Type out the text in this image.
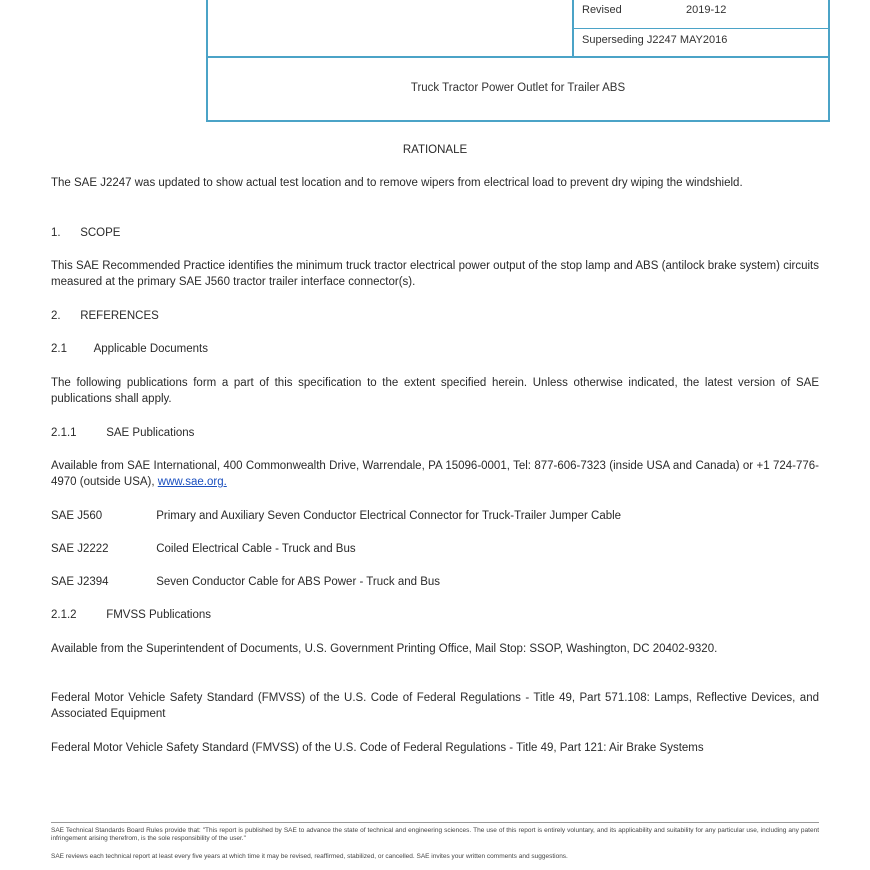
Revised	2019-12
Superseding J2247 MAY2016
Truck Tractor Power Outlet for Trailer ABS
RATIONALE
The SAE J2247 was updated to show actual test location and to remove wipers from electrical load to prevent dry wiping the windshield.
1. SCOPE
This SAE Recommended Practice identifies the minimum truck tractor electrical power output of the stop lamp and ABS (antilock brake system) circuits measured at the primary SAE J560 tractor trailer interface connector(s).
2. REFERENCES
2.1 Applicable Documents
The following publications form a part of this specification to the extent specified herein. Unless otherwise indicated, the latest version of SAE publications shall apply.
2.1.1	SAE Publications
Available from SAE International, 400 Commonwealth Drive, Warrendale, PA 15096-0001, Tel: 877-606-7323 (inside USA and Canada) or +1 724-776-4970 (outside USA), www.sae.org.
SAE J560	Primary and Auxiliary Seven Conductor Electrical Connector for Truck-Trailer Jumper Cable
SAE J2222	Coiled Electrical Cable - Truck and Bus
SAE J2394	Seven Conductor Cable for ABS Power - Truck and Bus
2.1.2	FMVSS Publications
Available from the Superintendent of Documents, U.S. Government Printing Office, Mail Stop: SSOP, Washington, DC 20402-9320.
Federal Motor Vehicle Safety Standard (FMVSS) of the U.S. Code of Federal Regulations - Title 49, Part 571.108: Lamps, Reflective Devices, and Associated Equipment
Federal Motor Vehicle Safety Standard (FMVSS) of the U.S. Code of Federal Regulations - Title 49, Part 121: Air Brake Systems
SAE Technical Standards Board Rules provide that: "This report is published by SAE to advance the state of technical and engineering sciences. The use of this report is entirely voluntary, and its applicability and suitability for any particular use, including any patent infringement arising therefrom, is the sole responsibility of the user."
SAE reviews each technical report at least every five years at which time it may be revised, reaffirmed, stabilized, or cancelled. SAE invites your written comments and suggestions.
